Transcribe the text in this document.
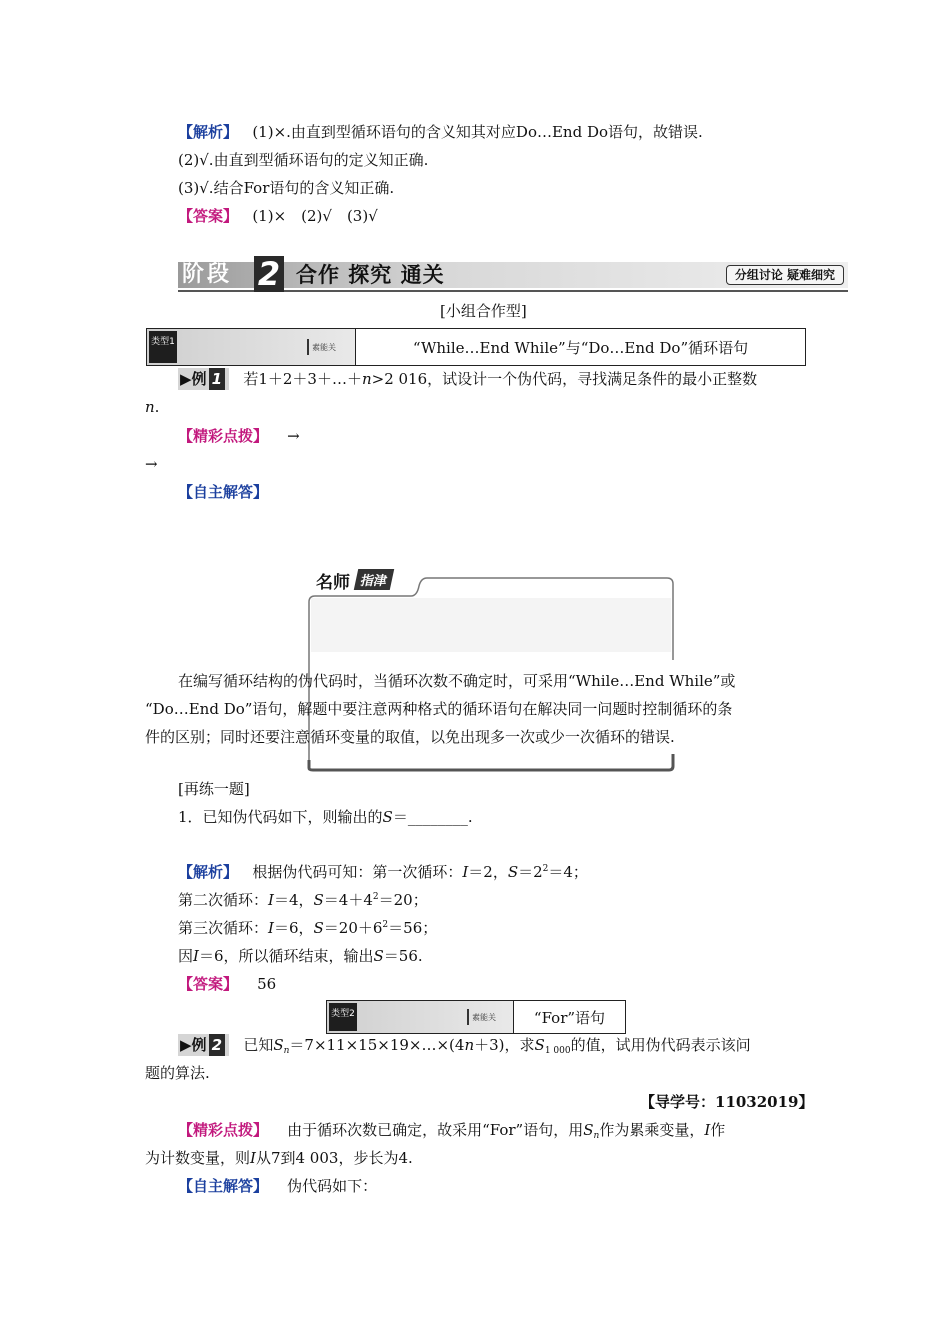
【解析】 (1)×.由直到型循环语句的含义知其对应Do…End Do语句，故错误.
(2)√.由直到型循环语句的定义知正确.
(3)√.结合For语句的含义知正确.
【答案】 (1)×　(2)√　(3)√
阶段 2 合作 探究 通关	分组讨论 疑难细究
[小组合作型]
类型1	素能关	“While…End While”与“Do…End Do”循环语句
▶例 1 若1＋2＋3＋…＋n>2 016，试设计一个伪代码，寻找满足条件的最小正整数
n.
【精彩点拨】 →
→
【自主解答】
名师 指津
在编写循环结构的伪代码时，当循环次数不确定时，可采用“While…End While”或
“Do…End Do”语句，解题中要注意两种格式的循环语句在解决同一问题时控制循环的条
件的区别；同时还要注意循环变量的取值，以免出现多一次或少一次循环的错误.
[再练一题]
1．已知伪代码如下，则输出的S＝________.
【解析】 根据伪代码可知：第一次循环：I＝2，$S=2^2=4$；
第二次循环：I＝4，$S=4+4^2=20$；
第三次循环：I＝6，$S=20+6^2=56$；
因I＝6，所以循环结束，输出S＝56.
【答案】 56
类型2	素能关	“For”语句
▶例 2 已知$S_n=7\times 11\times 15\times 19\times\dots\times(4n+3)$，求$S_{1 000}$的值，试用伪代码表示该问
题的算法.
【导学号：11032019】
【精彩点拨】 由于循环次数已确定，故采用“For”语句，用$S_n$作为累乘变量，I作
为计数变量，则I从7到4 003，步长为4.
【自主解答】 伪代码如下：
